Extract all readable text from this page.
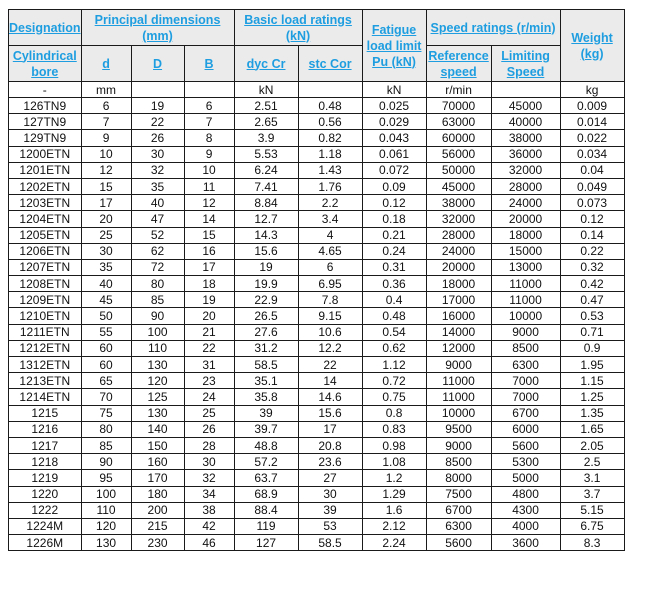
Designation	Principal dimensions (mm)			Basic load ratings (kN)		Fatigue load limit Pu (kN)	Speed ratings (r/min)		Weight (kg)
Cylindrical bore	d	D	B	dyc Cr	stc Cor		Reference speed	Limiting Speed	
-	mm			kN		kN	r/min		kg
126TN9	6	19	6	2.51	0.48	0.025	70000	45000	0.009
127TN9	7	22	7	2.65	0.56	0.029	63000	40000	0.014
129TN9	9	26	8	3.9	0.82	0.043	60000	38000	0.022
1200ETN	10	30	9	5.53	1.18	0.061	56000	36000	0.034
1201ETN	12	32	10	6.24	1.43	0.072	50000	32000	0.04
1202ETN	15	35	11	7.41	1.76	0.09	45000	28000	0.049
1203ETN	17	40	12	8.84	2.2	0.12	38000	24000	0.073
1204ETN	20	47	14	12.7	3.4	0.18	32000	20000	0.12
1205ETN	25	52	15	14.3	4	0.21	28000	18000	0.14
1206ETN	30	62	16	15.6	4.65	0.24	24000	15000	0.22
1207ETN	35	72	17	19	6	0.31	20000	13000	0.32
1208ETN	40	80	18	19.9	6.95	0.36	18000	11000	0.42
1209ETN	45	85	19	22.9	7.8	0.4	17000	11000	0.47
1210ETN	50	90	20	26.5	9.15	0.48	16000	10000	0.53
1211ETN	55	100	21	27.6	10.6	0.54	14000	9000	0.71
1212ETN	60	110	22	31.2	12.2	0.62	12000	8500	0.9
1312ETN	60	130	31	58.5	22	1.12	9000	6300	1.95
1213ETN	65	120	23	35.1	14	0.72	11000	7000	1.15
1214ETN	70	125	24	35.8	14.6	0.75	11000	7000	1.25
1215	75	130	25	39	15.6	0.8	10000	6700	1.35
1216	80	140	26	39.7	17	0.83	9500	6000	1.65
1217	85	150	28	48.8	20.8	0.98	9000	5600	2.05
1218	90	160	30	57.2	23.6	1.08	8500	5300	2.5
1219	95	170	32	63.7	27	1.2	8000	5000	3.1
1220	100	180	34	68.9	30	1.29	7500	4800	3.7
1222	110	200	38	88.4	39	1.6	6700	4300	5.15
1224M	120	215	42	119	53	2.12	6300	4000	6.75
1226M	130	230	46	127	58.5	2.24	5600	3600	8.3
